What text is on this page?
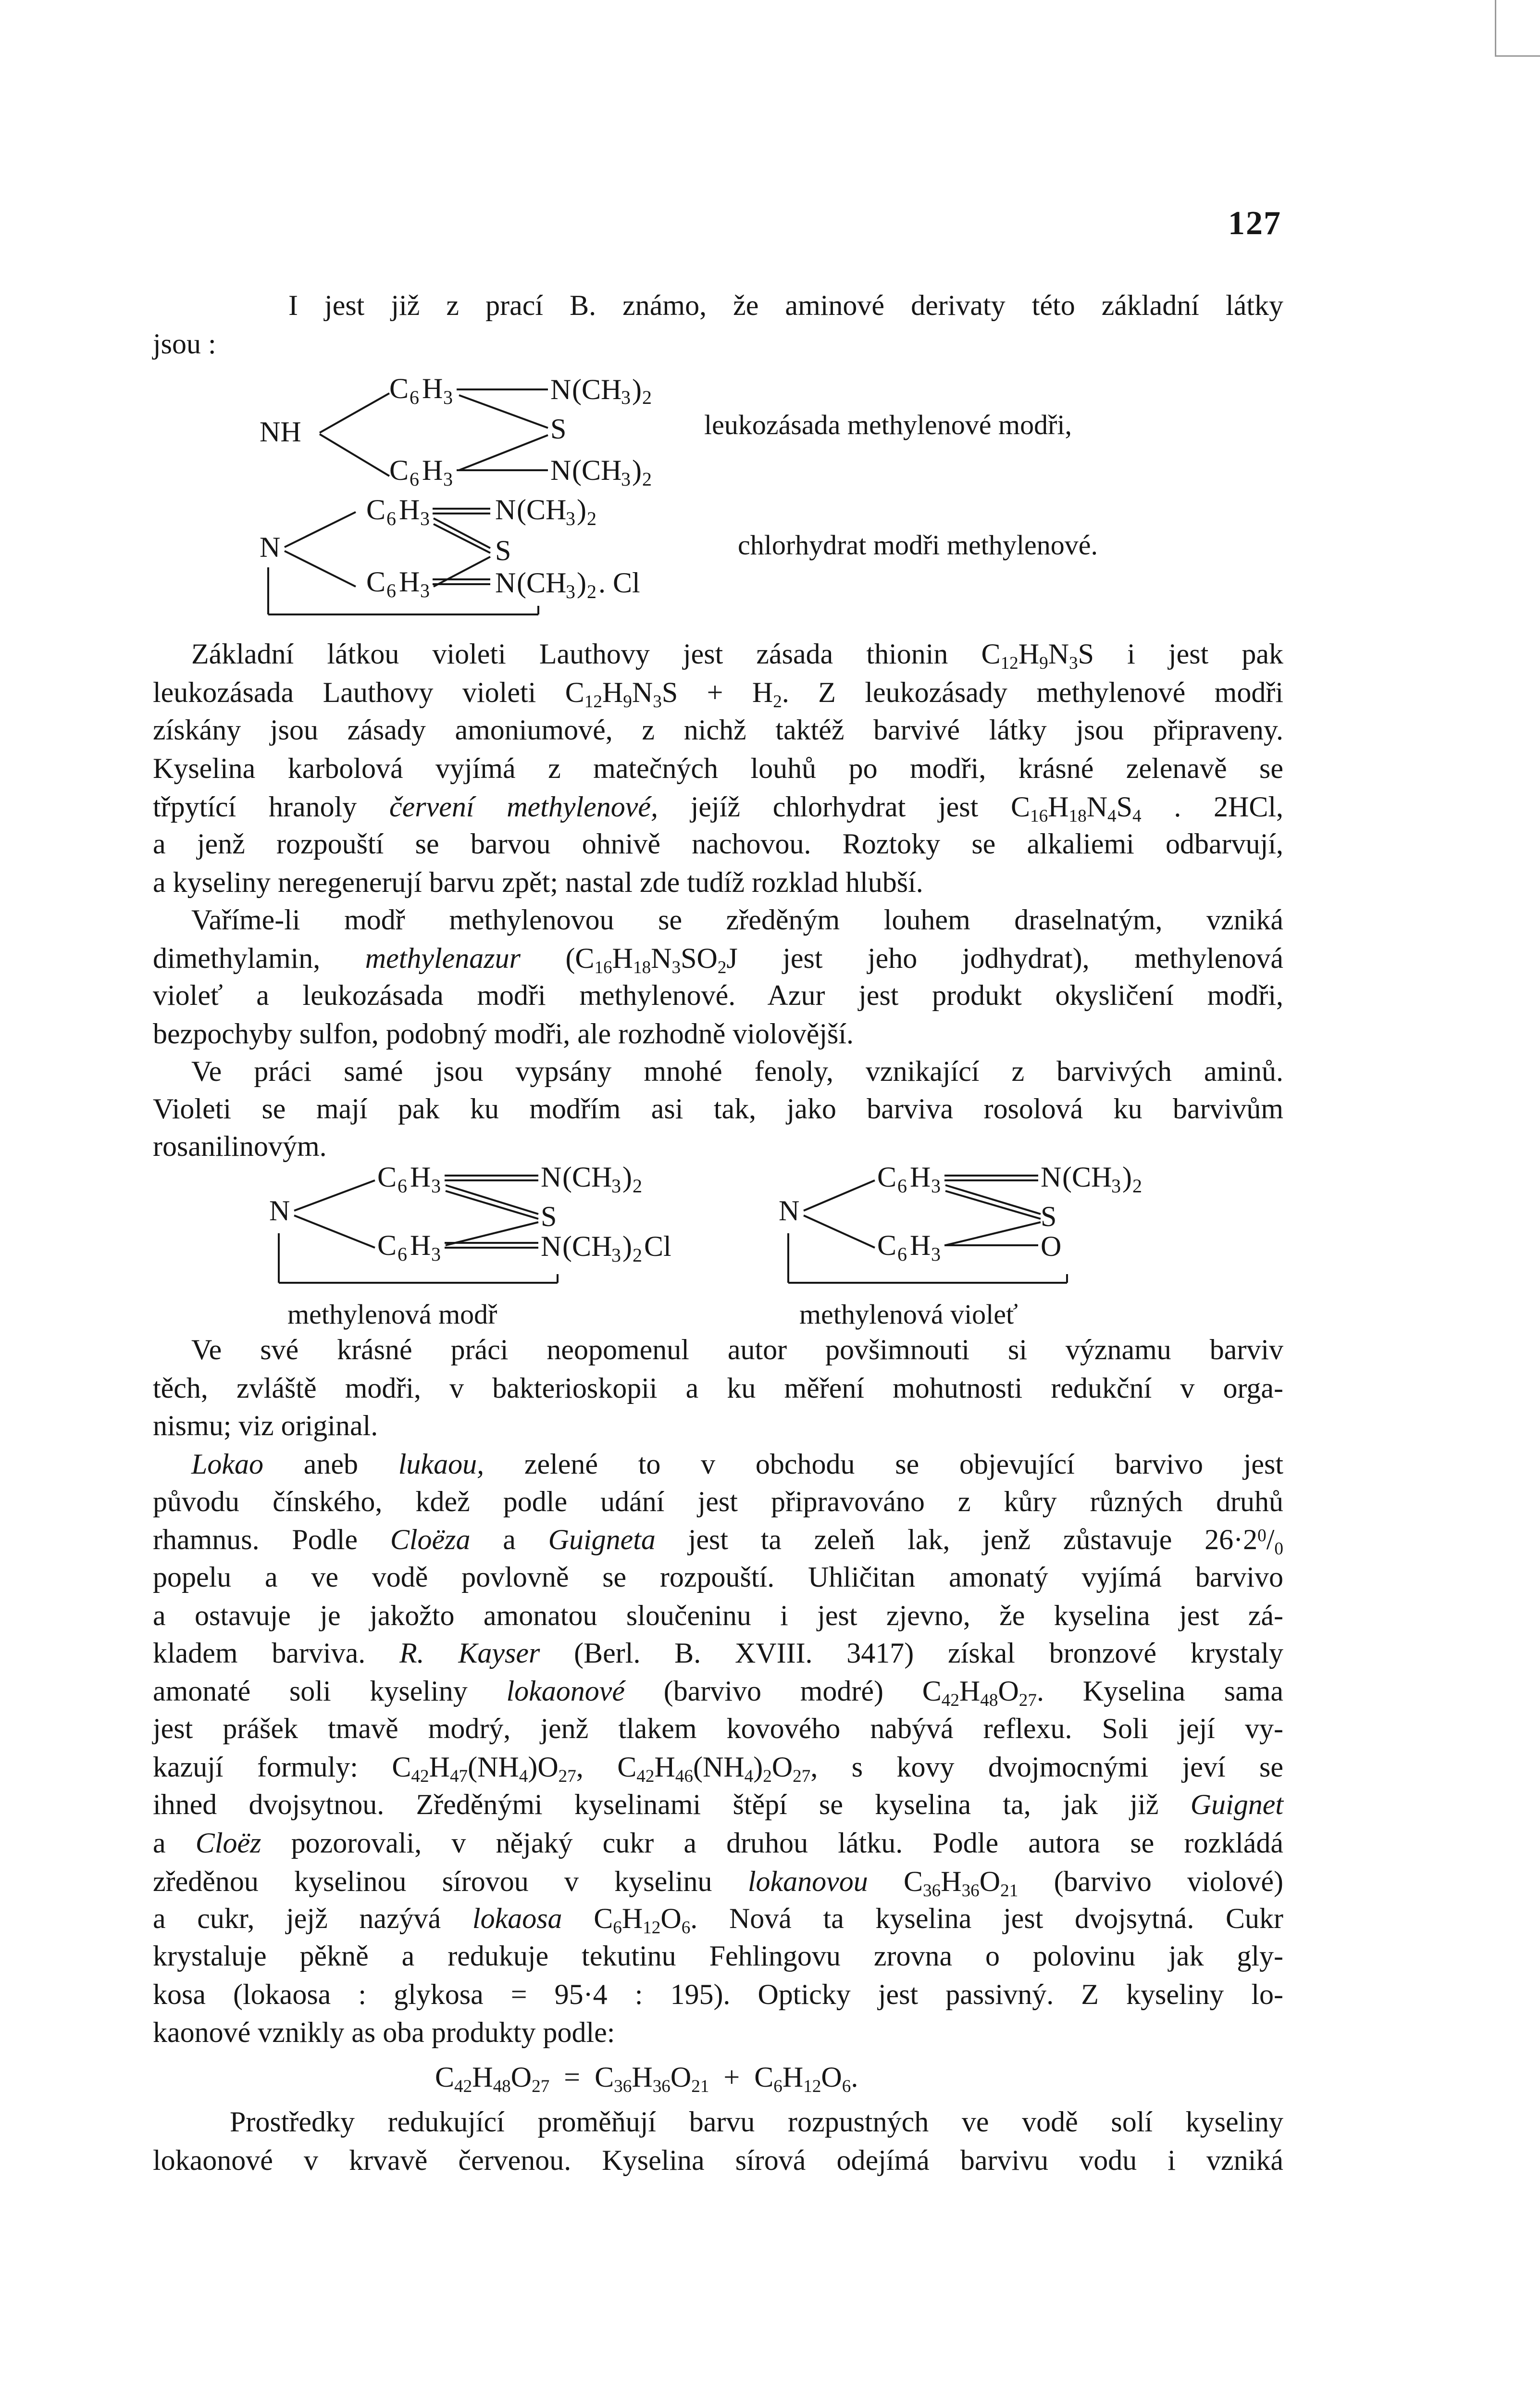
127
I jest již z prací B. známo, že aminové derivaty této základní látky
jsou :
NH
C 6 H 3	N (CH
3 ) 2
S
C 6 H 3	N (CH
3 ) 2
leukozásada methylenové modři,
N
C 6 H 3 N (CH
3 ) 2
S
C 6 H 3 N (CH
3 ) 2 . Cl
chlorhydrat modři methylenové.
Základní látkou violeti Lauthovy jest zásada thionin $C_{12}H_9N_3S$ i jest pak
leukozásada Lauthovy violeti $C_{12}H_9N_3S + H_2$. Z leukozásady methylenové modři
získány jsou zásady amoniumové, z nichž taktéž barvivé látky jsou připraveny.
Kyselina karbolová vyjímá z matečných louhů po modři, krásné zelenavě se
třpytící hranoly červení methylenové, jejíž chlorhydrat jest $C_{16}H_{18}N_4S_4$ . 2HCl,
a jenž rozpouští se barvou ohnivě nachovou. Roztoky se alkaliemi odbarvují,
a kyseliny neregenerují barvu zpět; nastal zde tudíž rozklad hlubší.
Vaříme-li modř methylenovou se zředěným louhem draselnatým, vzniká
dimethylamin, methylenazur ($C_{16}H_{18}N_3SO_2J$ jest jeho jodhydrat), methylenová
violeť a leukozásada modři methylenové. Azur jest produkt okysličení modři,
bezpochyby sulfon, podobný modři, ale rozhodně violovější.
Ve práci samé jsou vypsány mnohé fenoly, vznikající z barvivých aminů.
Violeti se mají pak ku modřím asi tak, jako barviva rosolová ku barvivům
rosanilinovým.
N
C 6 H 3	N (CH
3 ) 2
S
C 6 H 3	N (CH
3 ) 2 Cl
methylenová modř
N
C 6 H 3	N (CH
3 ) 2
S
C 6 H 3	O
methylenová violeť
Ve své krásné práci neopomenul autor povšimnouti si významu barviv
těch, zvláště modři, v bakterioskopii a ku měření mohutnosti redukční v orga-
nismu; viz original.
Lokao aneb lukaou, zelené to v obchodu se objevující barvivo jest
původu čínského, kdež podle udání jest připravováno z kůry různých druhů
rhamnus. Podle Cloëza a Guigneta jest ta zeleň lak, jenž zůstavuje $26\cdot 2^0/_0$
popelu a ve vodě povlovně se rozpouští. Uhličitan amonatý vyjímá barvivo
a ostavuje je jakožto amonatou sloučeninu i jest zjevno, že kyselina jest zá-
kladem barviva. R. Kayser (Berl. B. XVIII. 3417) získal bronzové krystaly
amonaté soli kyseliny lokaonové (barvivo modré) $C_{42}H_{48}O_{27}$. Kyselina sama
jest prášek tmavě modrý, jenž tlakem kovového nabývá reflexu. Soli její vy-
kazují formuly: $C_{42}H_{47}(NH_4)O_{27}$, $C_{42}H_{46}(NH_4)_2O_{27}$, s kovy dvojmocnými jeví se
ihned dvojsytnou. Zředěnými kyselinami štěpí se kyselina ta, jak již Guignet
a Cloëz pozorovali, v nějaký cukr a druhou látku. Podle autora se rozkládá
zředěnou kyselinou sírovou v kyselinu lokanovou $C_{36}H_{36}O_{21}$ (barvivo violové)
a cukr, jejž nazývá lokaosa $C_6H_{12}O_6$. Nová ta kyselina jest dvojsytná. Cukr
krystaluje pěkně a redukuje tekutinu Fehlingovu zrovna o polovinu jak gly-
kosa (lokaosa : glykosa = 95·4 : 195). Opticky jest passivný. Z kyseliny lo-
kaonové vznikly as oba produkty podle:
$C_{42}H_{48}O_{27} = C_{36}H_{36}O_{21} + C_6H_{12}O_6$.
Prostředky redukující proměňují barvu rozpustných ve vodě solí kyseliny
lokaonové v krvavě červenou. Kyselina sírová odejímá barvivu vodu i vzniká
